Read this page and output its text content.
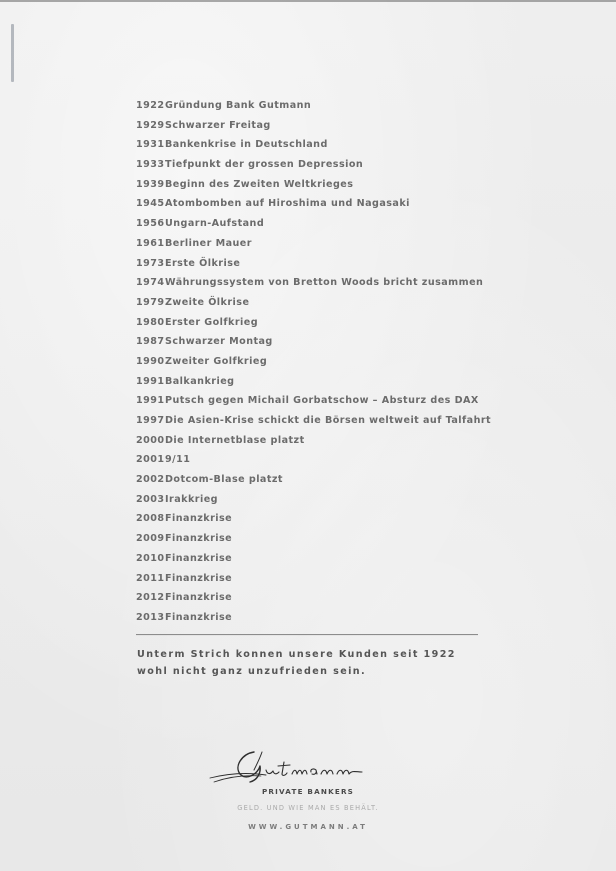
1922Gründung Bank Gutmann
1929Schwarzer Freitag
1931Bankenkrise in Deutschland
1933Tiefpunkt der grossen Depression
1939Beginn des Zweiten Weltkrieges
1945Atombomben auf Hiroshima und Nagasaki
1956Ungarn-Aufstand
1961Berliner Mauer
1973Erste Ölkrise
1974Währungssystem von Bretton Woods bricht zusammen
1979Zweite Ölkrise
1980Erster Golfkrieg
1987Schwarzer Montag
1990Zweiter Golfkrieg
1991Balkankrieg
1991Putsch gegen Michail Gorbatschow – Absturz des DAX
1997Die Asien-Krise schickt die Börsen weltweit auf Talfahrt
2000Die Internetblase platzt
20019/11
2002Dotcom-Blase platzt
2003Irakkrieg
2008Finanzkrise
2009Finanzkrise
2010Finanzkrise
2011Finanzkrise
2012Finanzkrise
2013Finanzkrise
Unterm Strich konnen unsere Kunden seit 1922
wohl nicht ganz unzufrieden sein.
PRIVATE BANKERS
GELD. UND WIE MAN ES BEHÄLT.
WWW.GUTMANN.AT
